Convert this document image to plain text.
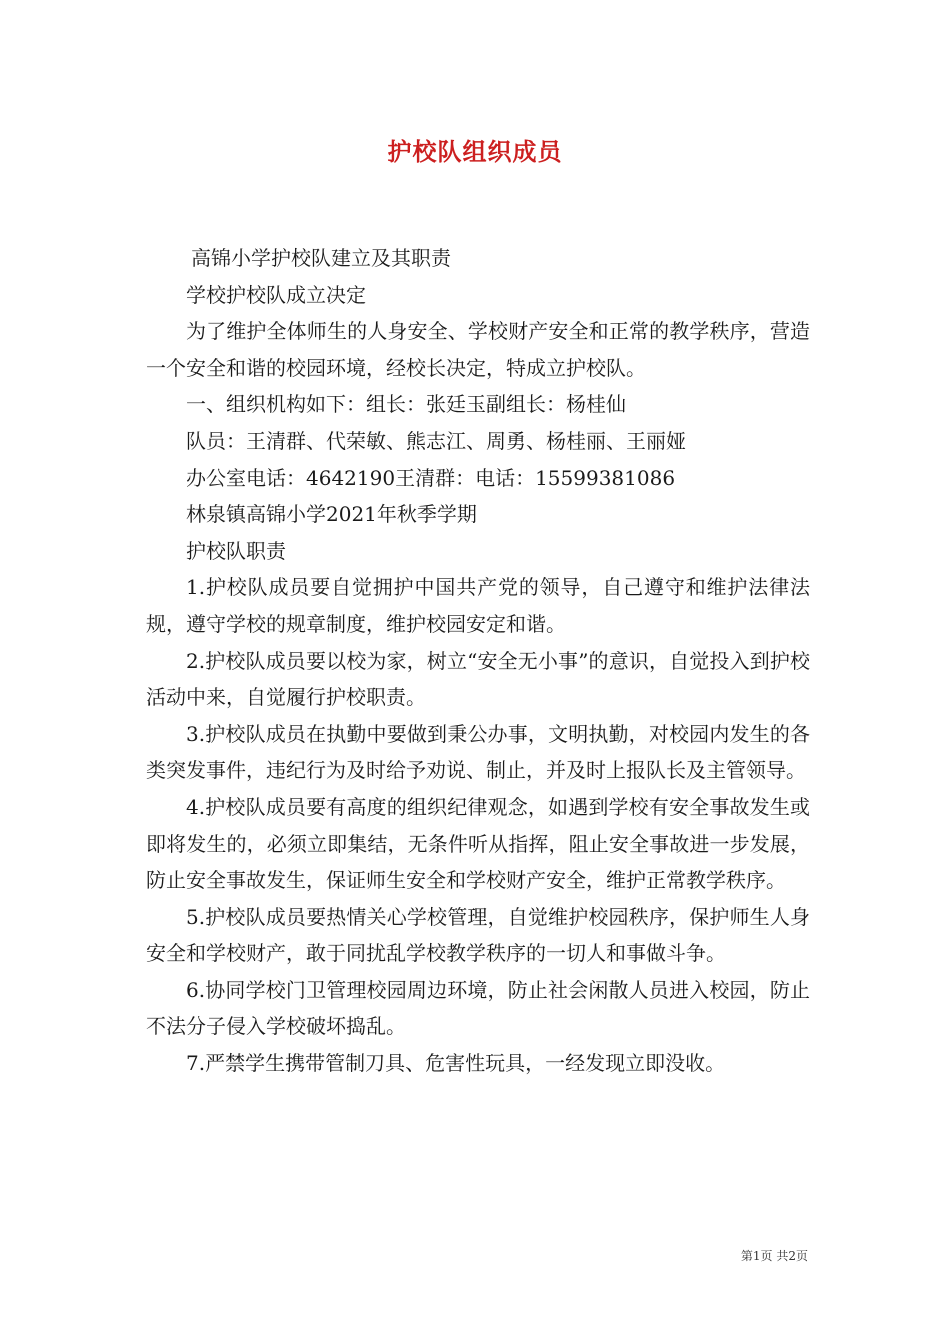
护校队组织成员

高锦小学护校队建立及其职责

学校护校队成立决定

为了维护全体师生的人身安全、学校财产安全和正常的教学秩序，营造一个安全和谐的校园环境，经校长决定，特成立护校队。

一、组织机构如下：组长：张廷玉副组长：杨桂仙

队员：王清群、代荣敏、熊志江、周勇、杨桂丽、王丽娅

办公室电话：4642190王清群：电话：15599381086

林泉镇高锦小学2021年秋季学期

护校队职责

1.护校队成员要自觉拥护中国共产党的领导，自己遵守和维护法律法规，遵守学校的规章制度，维护校园安定和谐。

2.护校队成员要以校为家，树立“安全无小事”的意识，自觉投入到护校活动中来，自觉履行护校职责。

3.护校队成员在执勤中要做到秉公办事，文明执勤，对校园内发生的各类突发事件，违纪行为及时给予劝说、制止，并及时上报队长及主管领导。

4.护校队成员要有高度的组织纪律观念，如遇到学校有安全事故发生或即将发生的，必须立即集结，无条件听从指挥，阻止安全事故进一步发展，防止安全事故发生，保证师生安全和学校财产安全，维护正常教学秩序。

5.护校队成员要热情关心学校管理，自觉维护校园秩序，保护师生人身安全和学校财产，敢于同扰乱学校教学秩序的一切人和事做斗争。

6.协同学校门卫管理校园周边环境，防止社会闲散人员进入校园，防止不法分子侵入学校破坏捣乱。

7.严禁学生携带管制刀具、危害性玩具，一经发现立即没收。

第1页 共2页
